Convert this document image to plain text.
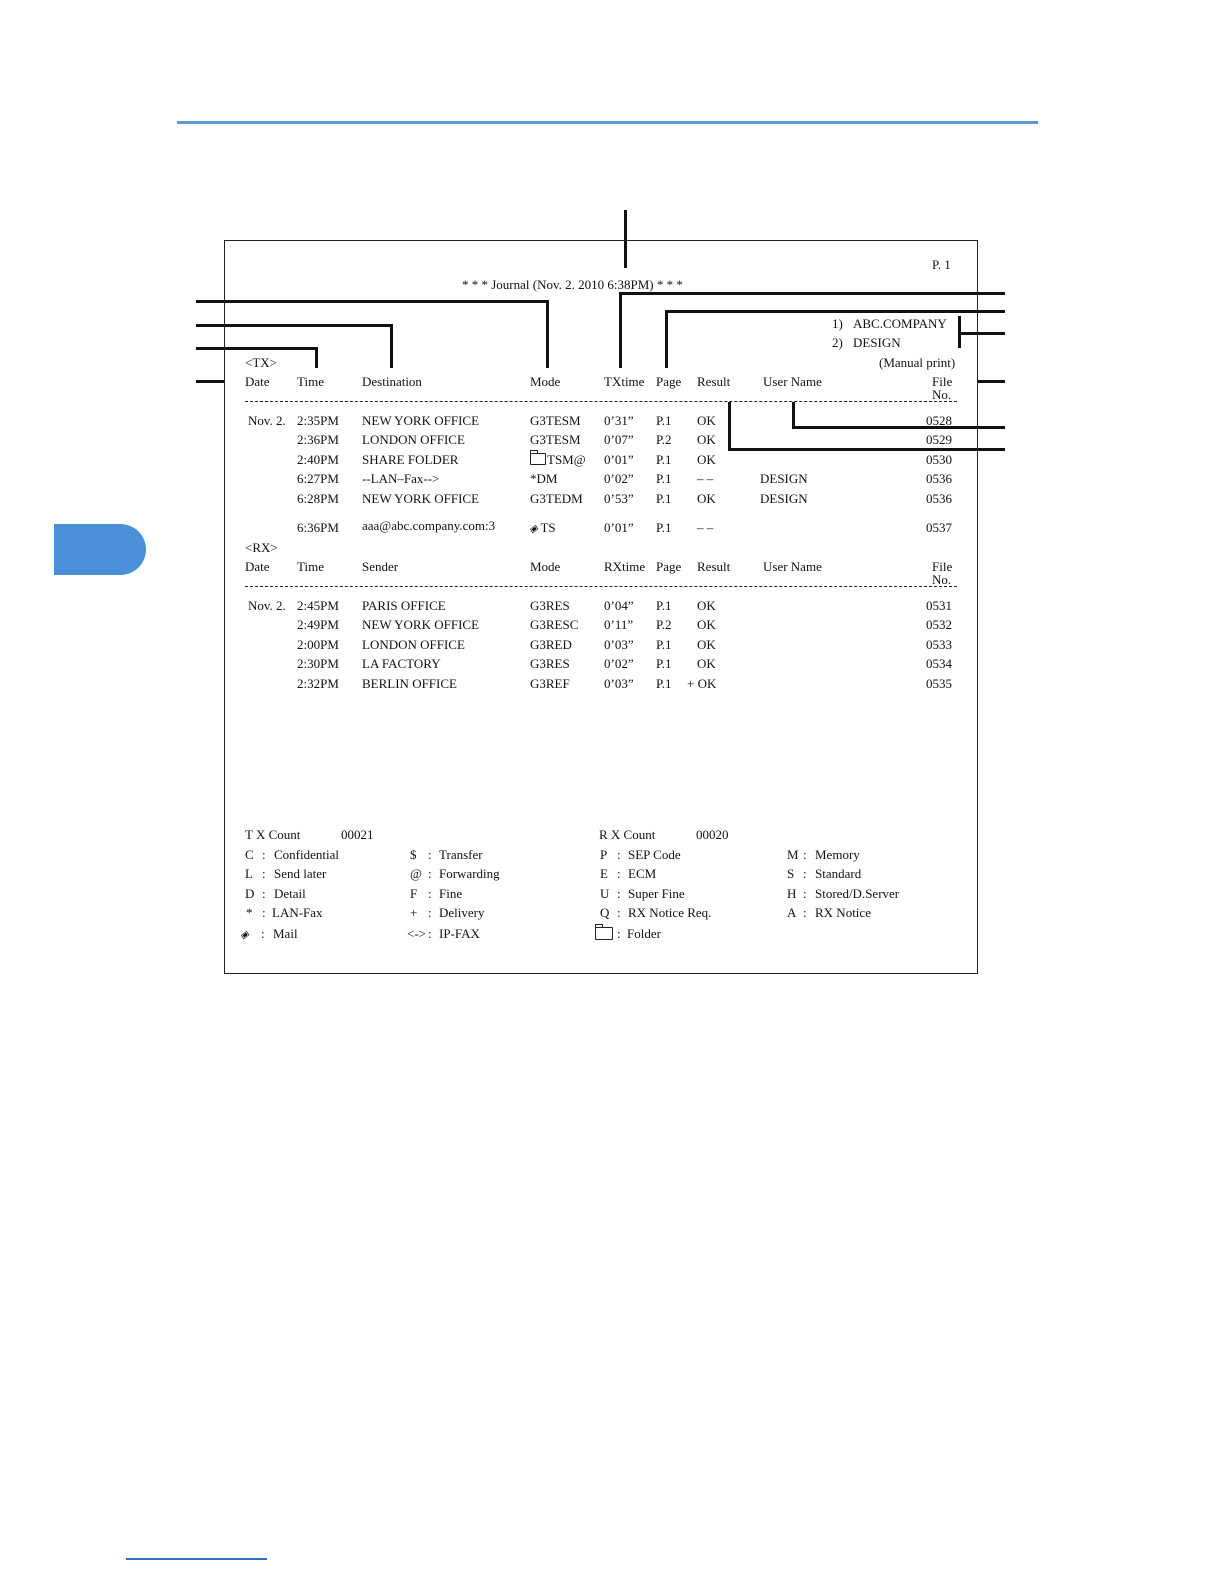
P. 1
* * * Journal (Nov. 2. 2010 6:38PM) * * *
1) ABC.COMPANY
2) DESIGN
(Manual print)
<TX>
Date Time	Destination	Mode	TXtime Page Result	User Name	File
No.
Nov. 2. 2:35PM NEW YORK OFFICE	G3TESM 0’31” P.1 OK	0528
2:36PM LONDON OFFICE	G3TESM 0’07” P.2 OK	0529
2:40PM SHARE FOLDER	TSM@ 0’01” P.1 OK	0530
6:27PM --LAN–Fax-->	*DM	0’02” P.1 – –	DESIGN	0536
6:28PM NEW YORK OFFICE	G3TEDM 0’53” P.1 OK	DESIGN	0536
6:36PM aaa@abc.company.com:3	◈TS	0’01” P.1 – –	0537
<RX>
Date Time	Sender	Mode	RXtime Page Result	User Name	File
No.
Nov. 2. 2:45PM PARIS OFFICE	G3RES	0’04” P.1 OK	0531
2:49PM NEW YORK OFFICE	G3RESC 0’11” P.2 OK	0532
2:00PM LONDON OFFICE	G3RED 0’03” P.1 OK	0533
2:30PM LA FACTORY	G3RES	0’02” P.1 OK	0534
2:32PM BERLIN OFFICE	G3REF	0’03” P.1 + OK	0535
T X Count	00021	R X Count	00020
C : Confidential	$ : Transfer	P : SEP Code	M : Memory
L : Send later	@ : Forwarding	E : ECM	S : Standard
D : Detail	F : Fine	U : Super Fine	H : Stored/D.Server
* : LAN-Fax	+ : Delivery	Q : RX Notice Req.	A : RX Notice
◈ : Mail	<-> : IP-FAX	: Folder
